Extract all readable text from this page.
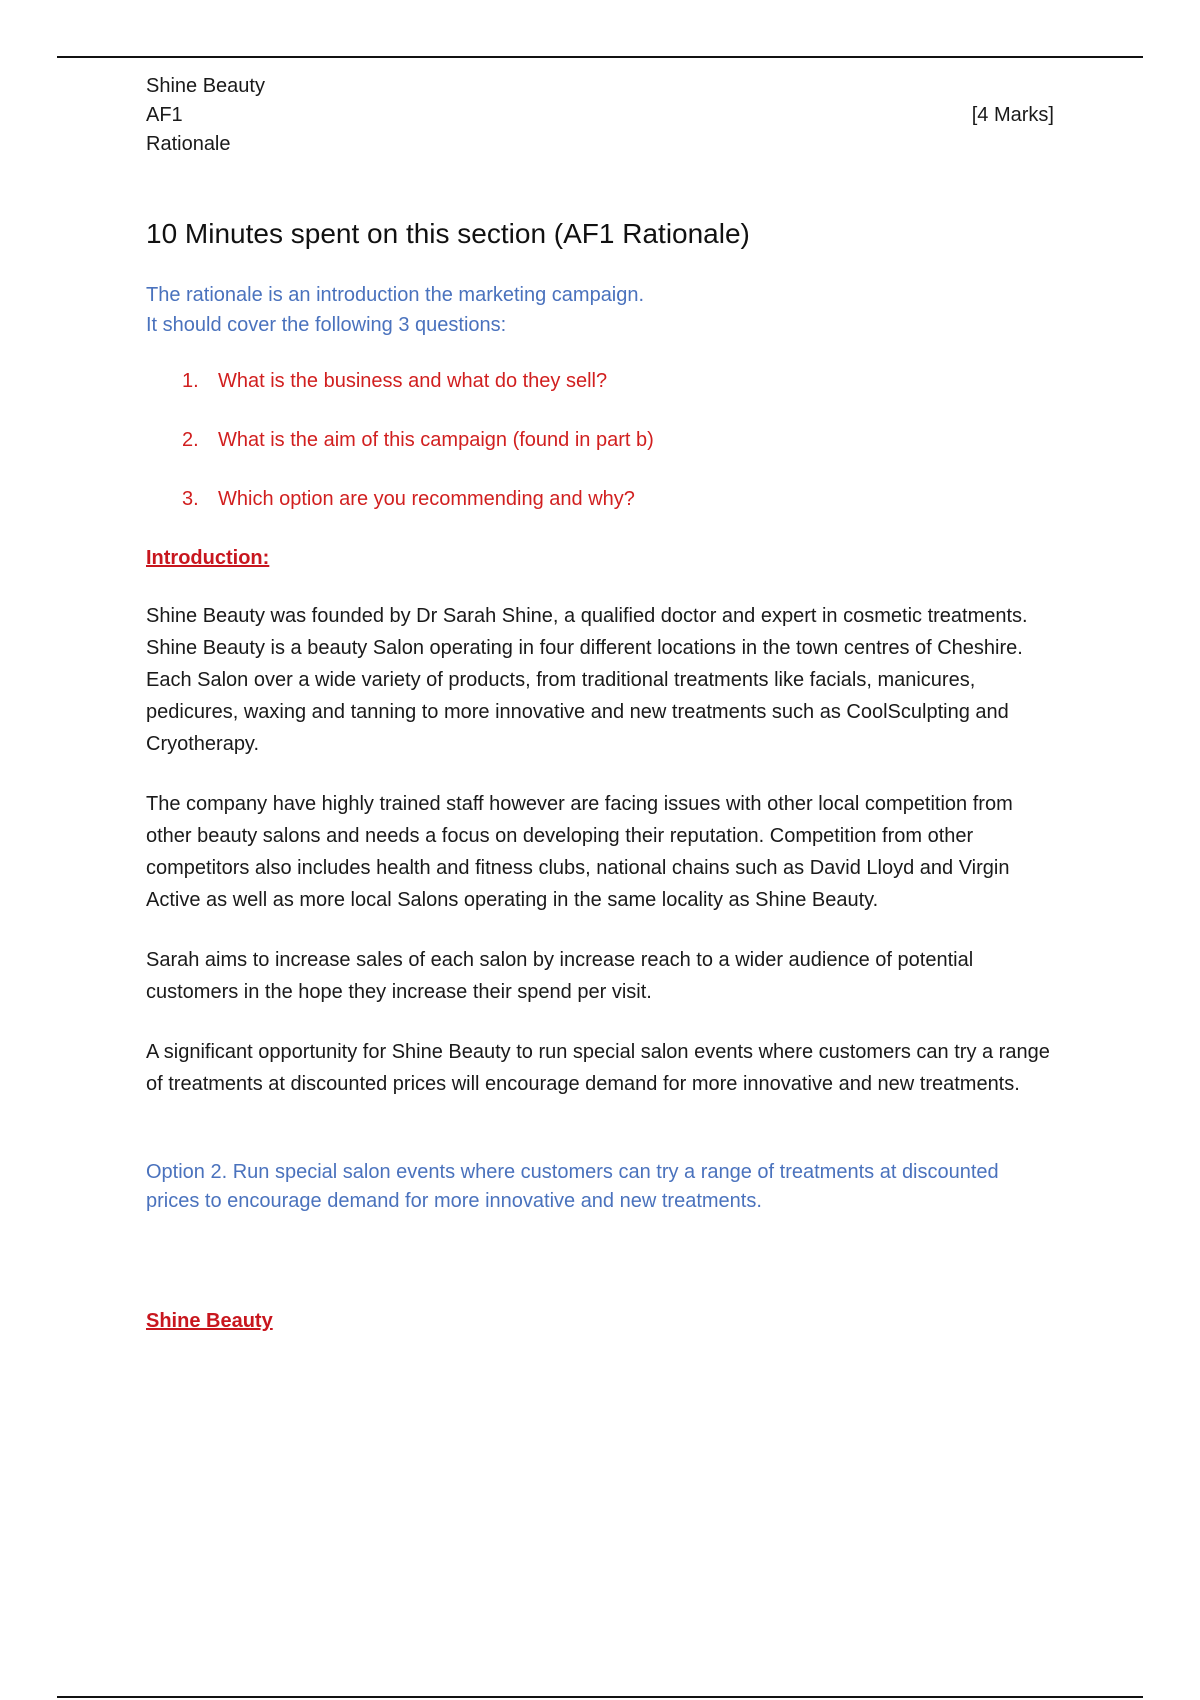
Shine Beauty
AF1
Rationale
[4 Marks]
10 Minutes spent on this section (AF1 Rationale)
The rationale is an introduction the marketing campaign.
It should cover the following 3 questions:
1. What is the business and what do they sell?
2. What is the aim of this campaign (found in part b)
3. Which option are you recommending and why?
Introduction:

Shine Beauty was founded by Dr Sarah Shine, a qualified doctor and expert in cosmetic treatments. Shine Beauty is a beauty Salon operating in four different locations in the town centres of Cheshire. Each Salon over a wide variety of products, from traditional treatments like facials, manicures, pedicures, waxing and tanning to more innovative and new treatments such as CoolSculpting and Cryotherapy.

The company have highly trained staff however are facing issues with other local competition from other beauty salons and needs a focus on developing their reputation. Competition from other competitors also includes health and fitness clubs, national chains such as David Lloyd and Virgin Active as well as more local Salons operating in the same locality as Shine Beauty.

Sarah aims to increase sales of each salon by increase reach to a wider audience of potential customers in the hope they increase their spend per visit.

A significant opportunity for Shine Beauty to run special salon events where customers can try a range of treatments at discounted prices will encourage demand for more innovative and new treatments.

Option 2. Run special salon events where customers can try a range of treatments at discounted prices to encourage demand for more innovative and new treatments.
Shine Beauty
